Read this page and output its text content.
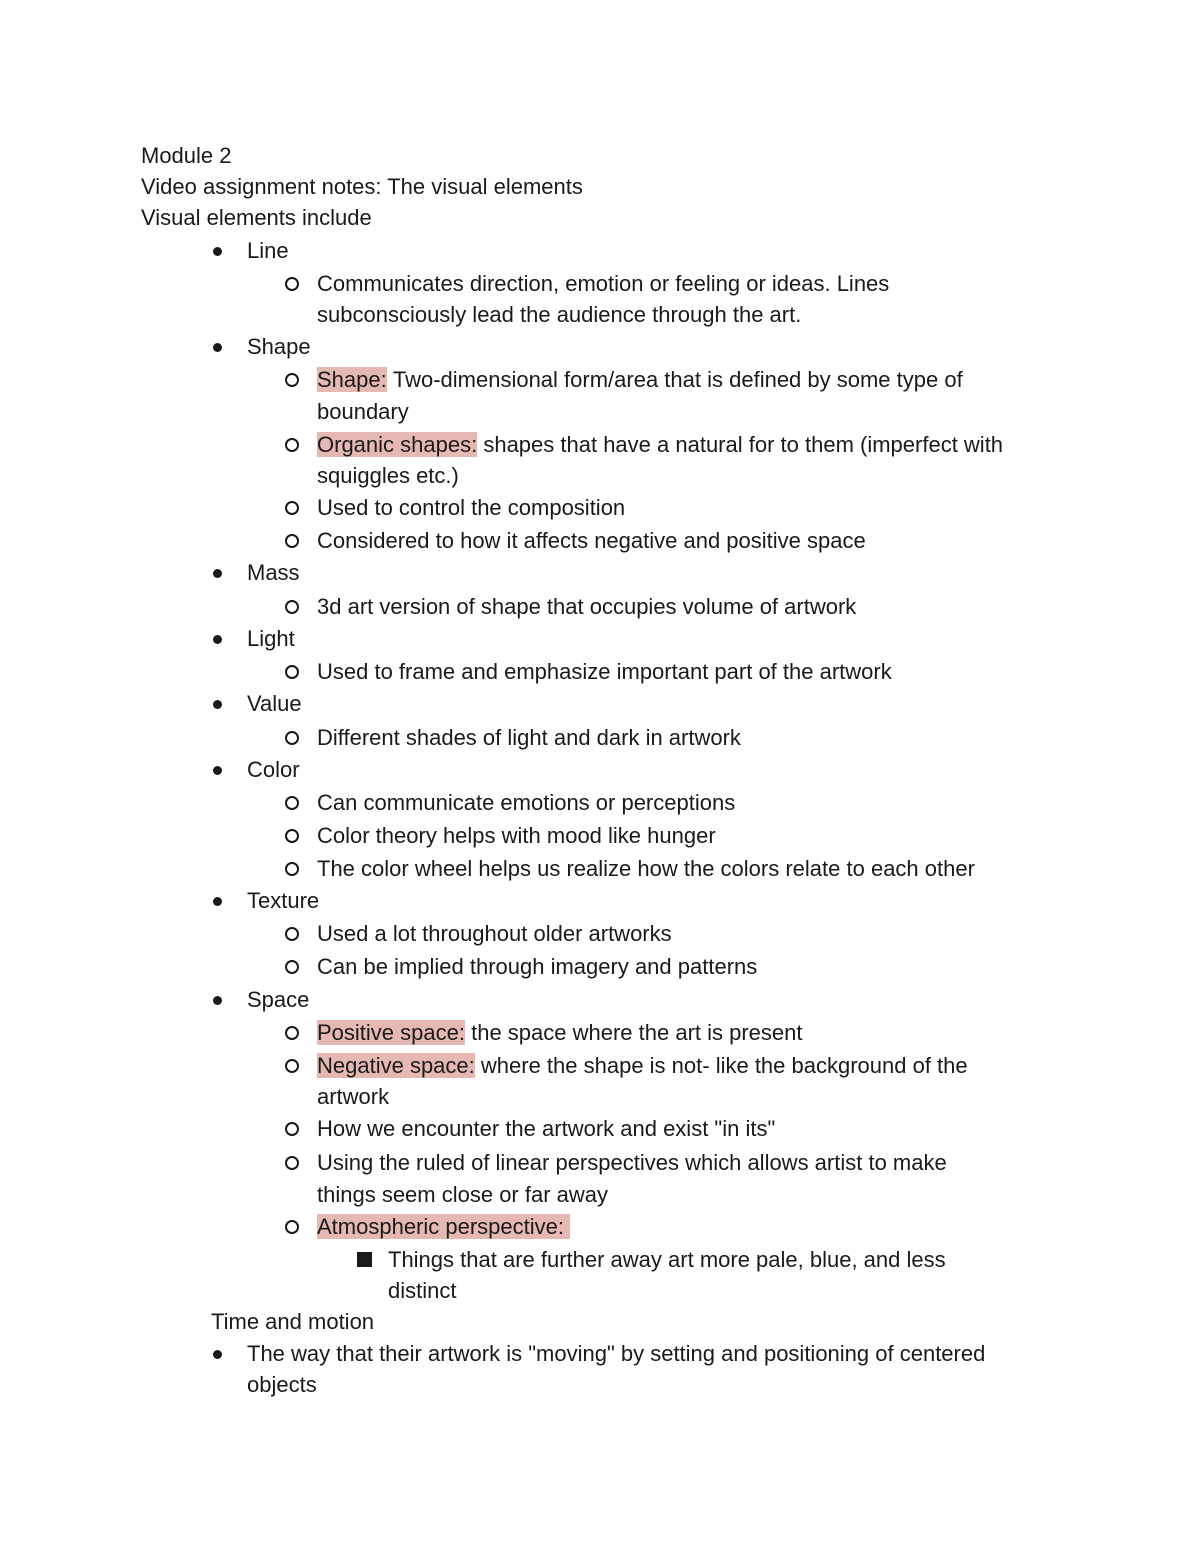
Module 2
Video assignment notes: The visual elements
Visual elements include
Line
Communicates direction, emotion or feeling or ideas. Lines
subconsciously lead the audience through the art.
Shape
Shape: Two-dimensional form/area that is defined by some type of
boundary
Organic shapes: shapes that have a natural for to them (imperfect with
squiggles etc.)
Used to control the composition
Considered to how it affects negative and positive space
Mass
3d art version of shape that occupies volume of artwork
Light
Used to frame and emphasize important part of the artwork
Value
Different shades of light and dark in artwork
Color
Can communicate emotions or perceptions
Color theory helps with mood like hunger
The color wheel helps us realize how the colors relate to each other
Texture
Used a lot throughout older artworks
Can be implied through imagery and patterns
Space
Positive space: the space where the art is present
Negative space: where the shape is not- like the background of the
artwork
How we encounter the artwork and exist "in its"
Using the ruled of linear perspectives which allows artist to make
things seem close or far away
Atmospheric perspective:
Things that are further away art more pale, blue, and less
distinct
Time and motion
The way that their artwork is "moving" by setting and positioning of centered
objects
